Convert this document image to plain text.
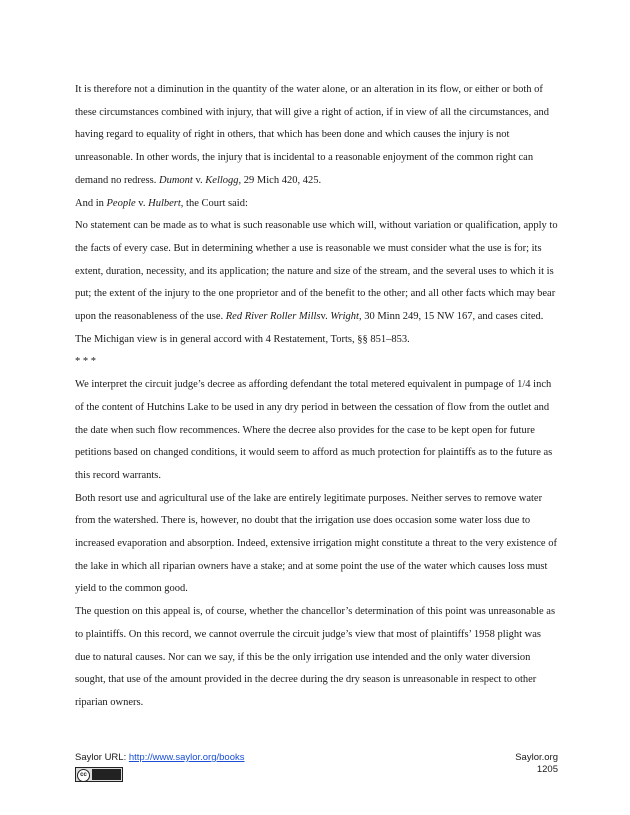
It is therefore not a diminution in the quantity of the water alone, or an alteration in its flow, or either or both of these circumstances combined with injury, that will give a right of action, if in view of all the circumstances, and having regard to equality of right in others, that which has been done and which causes the injury is not unreasonable. In other words, the injury that is incidental to a reasonable enjoyment of the common right can demand no redress. Dumont v. Kellogg, 29 Mich 420, 425.

And in People v. Hulbert, the Court said:

No statement can be made as to what is such reasonable use which will, without variation or qualification, apply to the facts of every case. But in determining whether a use is reasonable we must consider what the use is for; its extent, duration, necessity, and its application; the nature and size of the stream, and the several uses to which it is put; the extent of the injury to the one proprietor and of the benefit to the other; and all other facts which may bear upon the reasonableness of the use. Red River Roller Millsv. Wright, 30 Minn 249, 15 NW 167, and cases cited.

The Michigan view is in general accord with 4 Restatement, Torts, §§ 851–853.

* * *

We interpret the circuit judge’s decree as affording defendant the total metered equivalent in pumpage of 1/4 inch of the content of Hutchins Lake to be used in any dry period in between the cessation of flow from the outlet and the date when such flow recommences. Where the decree also provides for the case to be kept open for future petitions based on changed conditions, it would seem to afford as much protection for plaintiffs as to the future as this record warrants.

Both resort use and agricultural use of the lake are entirely legitimate purposes. Neither serves to remove water from the watershed. There is, however, no doubt that the irrigation use does occasion some water loss due to increased evaporation and absorption. Indeed, extensive irrigation might constitute a threat to the very existence of the lake in which all riparian owners have a stake; and at some point the use of the water which causes loss must yield to the common good.

The question on this appeal is, of course, whether the chancellor’s determination of this point was unreasonable as to plaintiffs. On this record, we cannot overrule the circuit judge’s view that most of plaintiffs’ 1958 plight was due to natural causes. Nor can we say, if this be the only irrigation use intended and the only water diversion sought, that use of the amount provided in the decree during the dry season is unreasonable in respect to other riparian owners.

Saylor URL: http://www.saylor.org/books

cc
Saylor.org
1205
